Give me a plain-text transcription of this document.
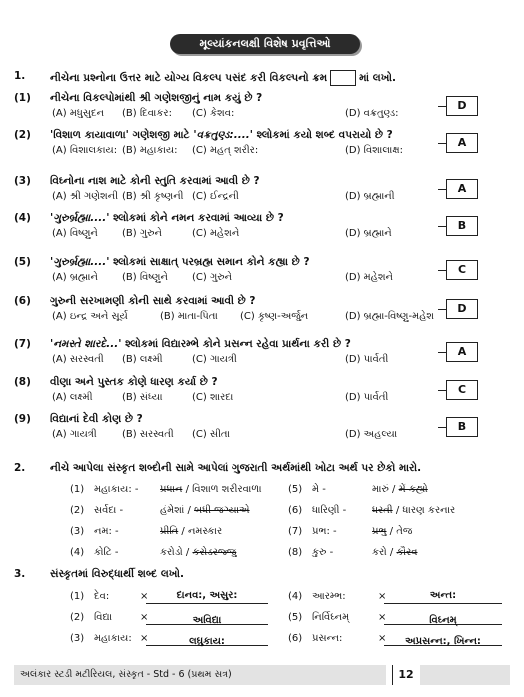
મૂલ્યાંકનલક્ષી વિશેષ પ્રવૃત્તિઓ
1.	નીચેના પ્રશ્નોના ઉત્તર માટે યોગ્ય વિકલ્પ પસંદ કરી વિકલ્પનો ક્રમ	માં લખો.
(1)	નીચેના વિકલ્પોમાંથી શ્રી ગણેશજીનું નામ કયું છે ?
(A) મધુસુદન (B) દિવાકર: (C) કેશવ:	(D) વક્રતુણ્ડ:
D
(2)	'વિશાળ કાયાવાળા' ગણેશજી માટે 'વક્રતુણ્ડ:....' શ્લોકમાં કયો શબ્દ વપરાયો છે ?
(A) વિશાલકાય: (B) મહાકાય: (C) મહત્ શરીર:	(D) વિશાલાક્ષ:
A
(3)	વિઘ્નોના નાશ માટે કોની સ્તુતિ કરવામાં આવી છે ?
(A) શ્રી ગણેશની (B) શ્રી કૃષ્ણની (C) ઈન્દ્રની	(D) બ્રહ્માની
A
(4)	'ગુરુર્બ્રહ્મા....' શ્લોકમાં કોને નમન કરવામાં આવ્યા છે ?
(A) વિષ્ણુને (B) ગુરુને	(C) મહેશને	(D) બ્રહ્માને
B
(5)	'ગુરુર્બ્રહ્મા....' શ્લોકમાં સાક્ષાત્ પરબ્રહ્મ સમાન કોને કહ્યા છે ?
(A) બ્રહ્માને (B) વિષ્ણુને (C) ગુરુને	(D) મહેશને
C
(6)	ગુરુની સરખામણી કોની સાથે કરવામાં આવી છે ?
(A) ઇન્દ્ર અને સૂર્ય	(B) માતા-પિતા (C) કૃષ્ણ-અર્જુન	(D) બ્રહ્મા-વિષ્ણુ-મહેશ
D
(7)	'નમસ્તે શારદે...' શ્લોકમાં વિદ્યારમ્ભે કોને પ્રસન્ન રહેવા પ્રાર્થના કરી છે ?
(A) સરસ્વતી (B) લક્ષ્મી	(C) ગાયત્રી	(D) પાર્વતી
A
(8)	વીણા અને પુસ્તક કોણે ધારણ કર્યા છે ?
(A) લક્ષ્મી	(B) સંધ્યા	(C) શારદા	(D) પાર્વતી
C
(9)	વિદ્યાનાં દેવી કોણ છે ?
(A) ગાયત્રી	(B) સરસ્વતી (C) સીતા	(D) અહલ્યા
B
2.	નીચે આપેલા સંસ્કૃત શબ્દોની સામે આપેલાં ગુજરાતી અર્થમાંથી ખોટા અર્થ પર છેકો મારો.
(1) મહાકાય: - પ્રધાન / વિશાળ શરીરવાળા	(5) મે -	મારું / મેં કહ્યો
(2) સર્વદા -	હંમેશાં / બધી જગ્યાએ	(6) ધારિણી -	ધરતી / ધારણ કરનાર
(3) નમ: -	પ્રીતિ / નમસ્કાર	(7) પ્રભ: -	પ્રભુ / તેજ
(4) કોટિ -	કરોડો / કરોડરજ્જુ	(8) કુરુ -	કરો / કૌરવ
3.	સંસ્કૃતમાં વિરુદ્ધાર્થી શબ્દ લખો.
(1) દેવ:	×	દાનવ:, અસુર:	(4) આરમ્ભ:	×	અન્ત:
(2) વિદ્યા	×	અવિદ્યા	(5) નિર્વિઘ્નમ્	×	વિઘ્નમ્
(3) મહાકાય: ×	લઘુકાય:	(6) પ્રસન્ન:	×	અપ્રસન્ન:, ખિન્ન:
અલંકાર સ્ટડી મટીરિયલ, સંસ્કૃત - Std - 6 (પ્રથમ સત્ર)	12
